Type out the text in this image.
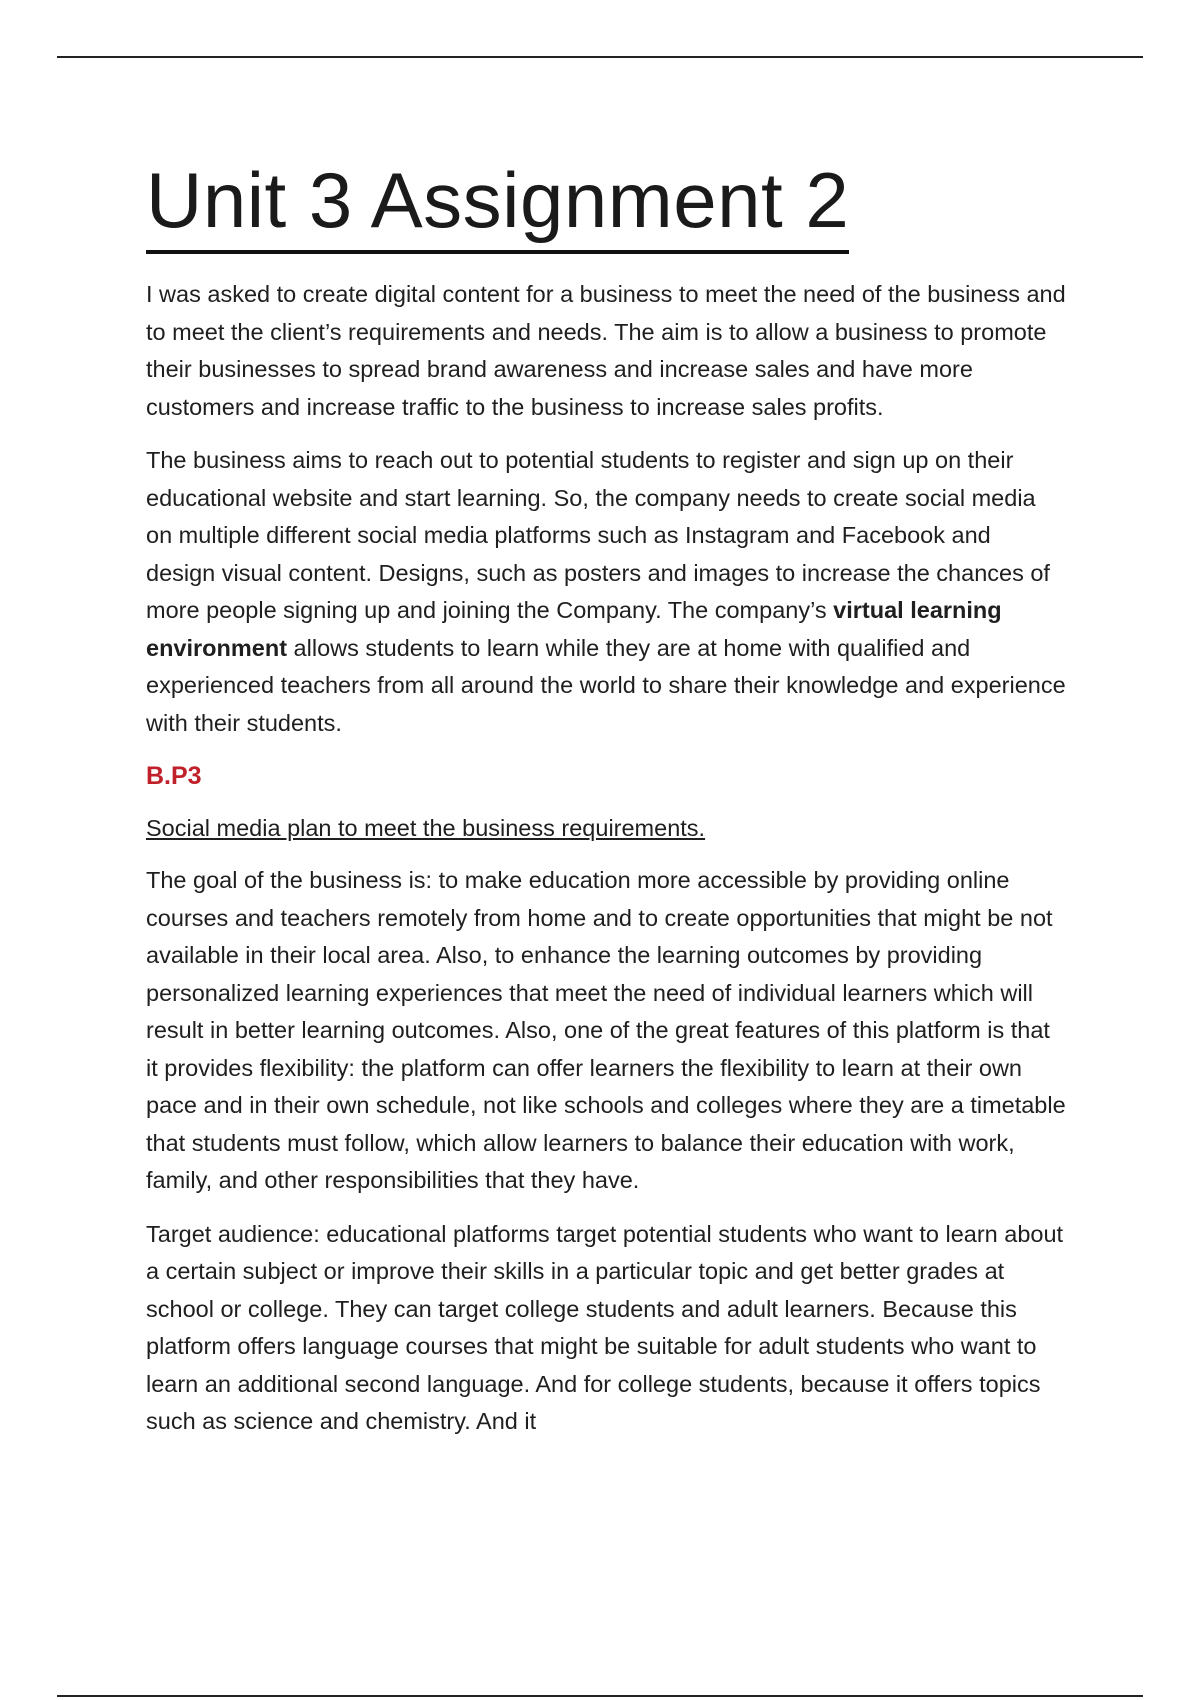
Unit 3 Assignment 2

I was asked to create digital content for a business to meet the need of the business and to meet the client’s requirements and needs. The aim is to allow a business to promote their businesses to spread brand awareness and increase sales and have more customers and increase traffic to the business to increase sales profits.

The business aims to reach out to potential students to register and sign up on their educational website and start learning. So, the company needs to create social media on multiple different social media platforms such as Instagram and Facebook and design visual content. Designs, such as posters and images to increase the chances of more people signing up and joining the Company. The company’s virtual learning environment allows students to learn while they are at home with qualified and experienced teachers from all around the world to share their knowledge and experience with their students.

B.P3
Social media plan to meet the business requirements.

The goal of the business is: to make education more accessible by providing online courses and teachers remotely from home and to create opportunities that might be not available in their local area. Also, to enhance the learning outcomes by providing personalized learning experiences that meet the need of individual learners which will result in better learning outcomes. Also, one of the great features of this platform is that it provides flexibility: the platform can offer learners the flexibility to learn at their own pace and in their own schedule, not like schools and colleges where they are a timetable that students must follow, which allow learners to balance their education with work, family, and other responsibilities that they have.

Target audience: educational platforms target potential students who want to learn about a certain subject or improve their skills in a particular topic and get better grades at school or college. They can target college students and adult learners. Because this platform offers language courses that might be suitable for adult students who want to learn an additional second language. And for college students, because it offers topics such as science and chemistry. And it
